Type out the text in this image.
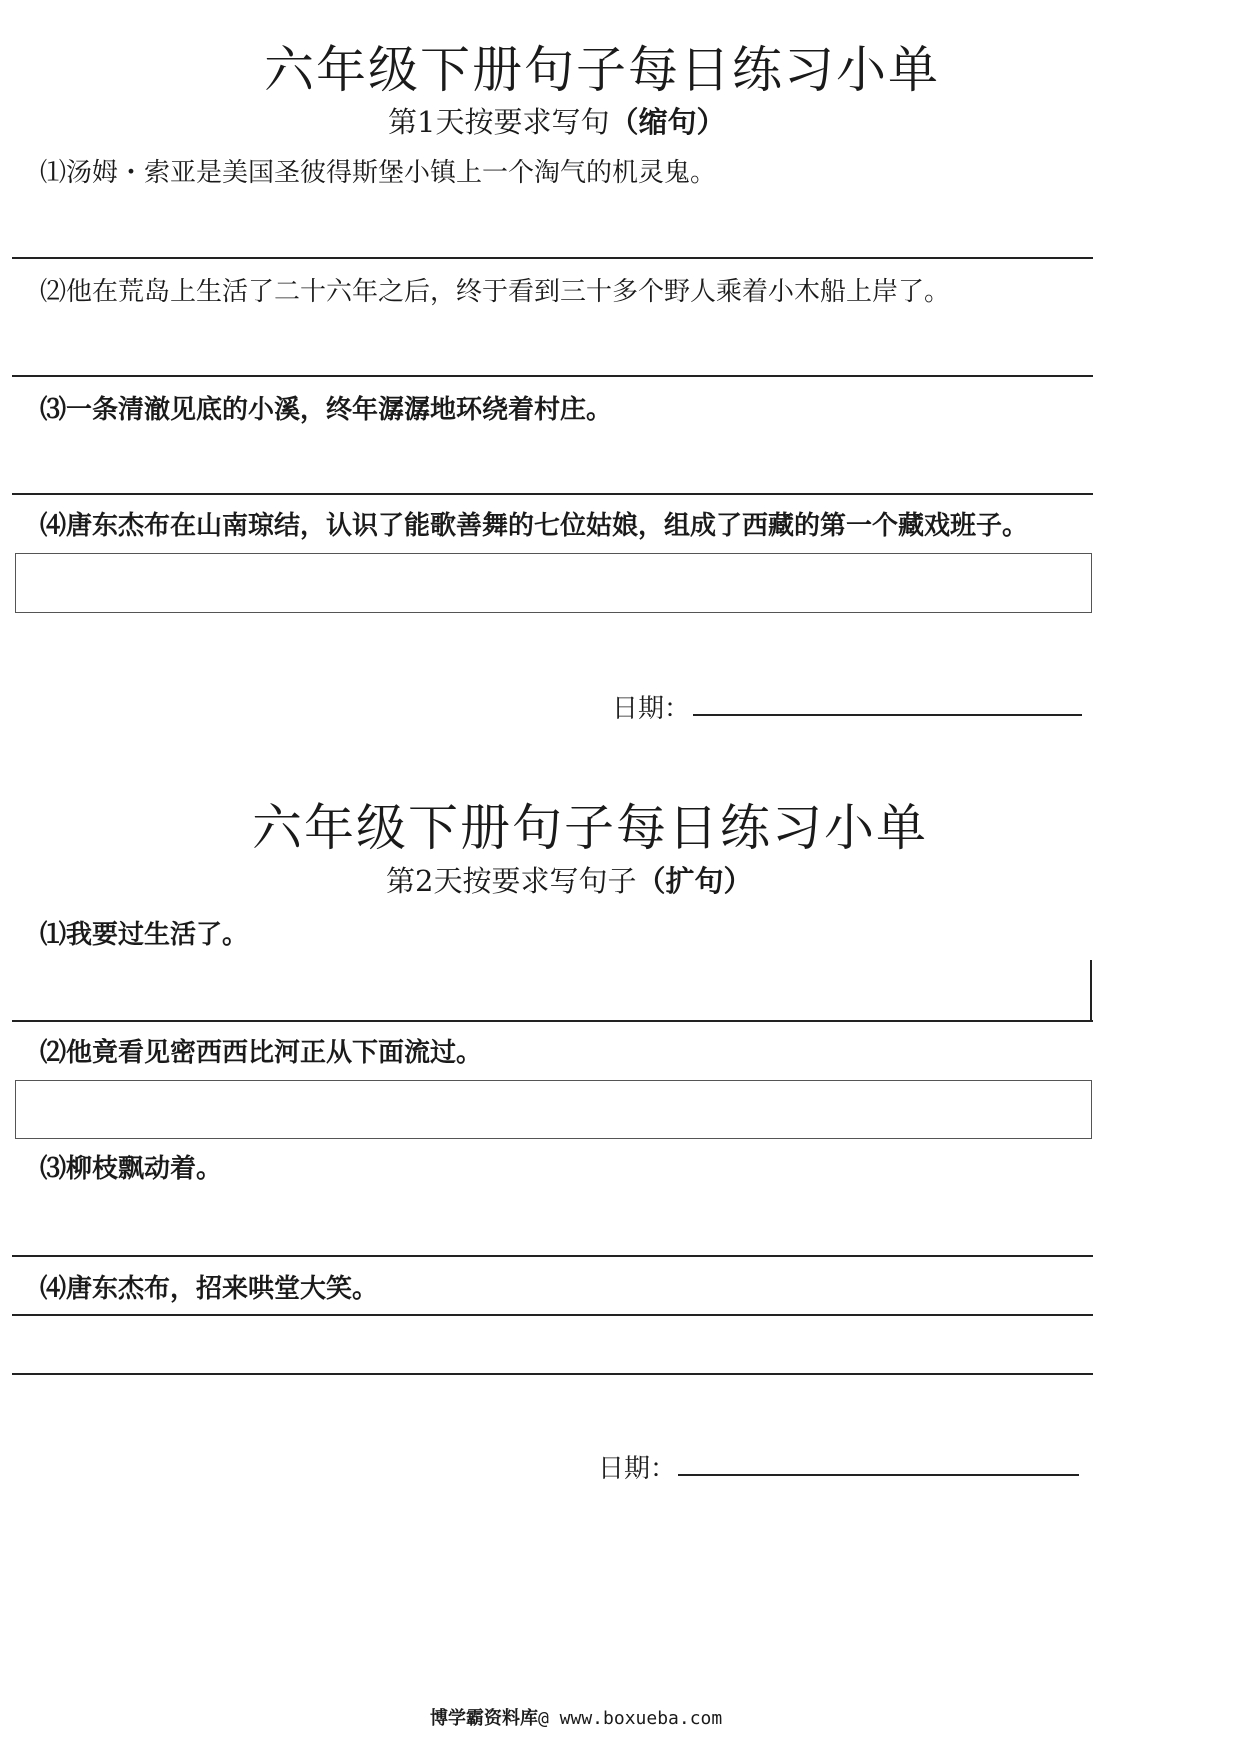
六年级下册句子每日练习小单
第1天按要求写句（缩句）
⑴汤姆・索亚是美国圣彼得斯堡小镇上一个淘气的机灵鬼。
⑵他在荒岛上生活了二十六年之后，终于看到三十多个野人乘着小木船上岸了。
⑶一条清澈见底的小溪，终年潺潺地环绕着村庄。
⑷唐东杰布在山南琼结，认识了能歌善舞的七位姑娘，组成了西藏的第一个藏戏班子。
日期：
六年级下册句子每日练习小单
第2天按要求写句子（扩句）
⑴我要过生活了。
⑵他竟看见密西西比河正从下面流过。
⑶柳枝飘动着。
⑷唐东杰布，招来哄堂大笑。
日期：
博学霸资料库@ www.boxueba.com
